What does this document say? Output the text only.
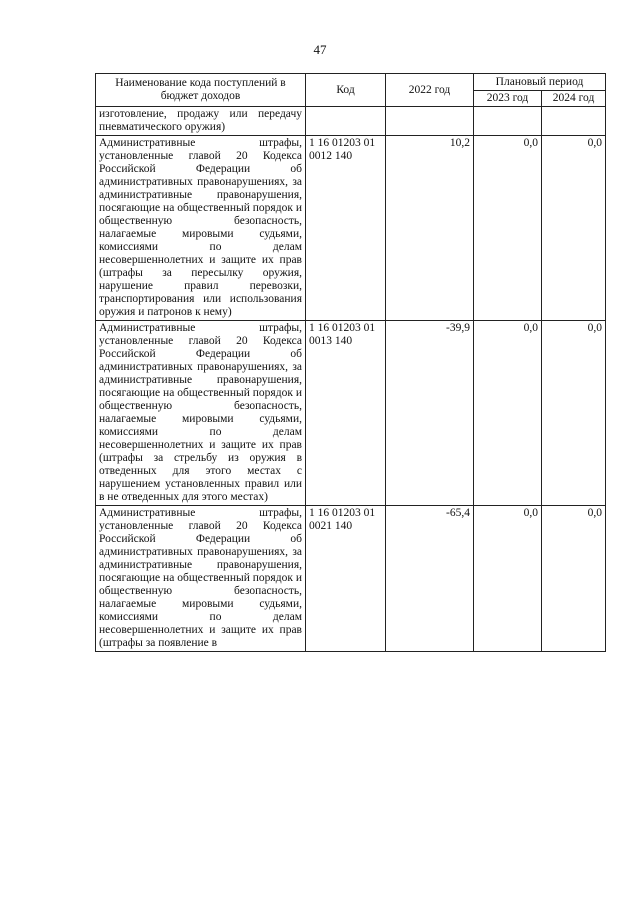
47
Наименование кода поступлений в бюджет доходов	Код	2022 год	Плановый период	
			2023 год	2024 год
изготовление, продажу или передачу пневматического оружия)				
Административные штрафы, установленные главой 20 Кодекса Российской Федерации об административных правонарушениях, за административные правонарушения, посягающие на общественный порядок и общественную безопасность, налагаемые мировыми судьями, комиссиями по делам несовершеннолетних и защите их прав (штрафы за пересылку оружия, нарушение правил перевозки, транспортирования или использования оружия и патронов к нему)	1 16 01203 01 0012 140	10,2	0,0	0,0
Административные штрафы, установленные главой 20 Кодекса Российской Федерации об административных правонарушениях, за административные правонарушения, посягающие на общественный порядок и общественную безопасность, налагаемые мировыми судьями, комиссиями по делам несовершеннолетних и защите их прав (штрафы за стрельбу из оружия в отведенных для этого местах с нарушением установленных правил или в не отведенных для этого местах)	1 16 01203 01 0013 140	-39,9	0,0	0,0
Административные штрафы, установленные главой 20 Кодекса Российской Федерации об административных правонарушениях, за административные правонарушения, посягающие на общественный порядок и общественную безопасность, налагаемые мировыми судьями, комиссиями по делам несовершеннолетних и защите их прав (штрафы за появление в	1 16 01203 01 0021 140	-65,4	0,0	0,0
